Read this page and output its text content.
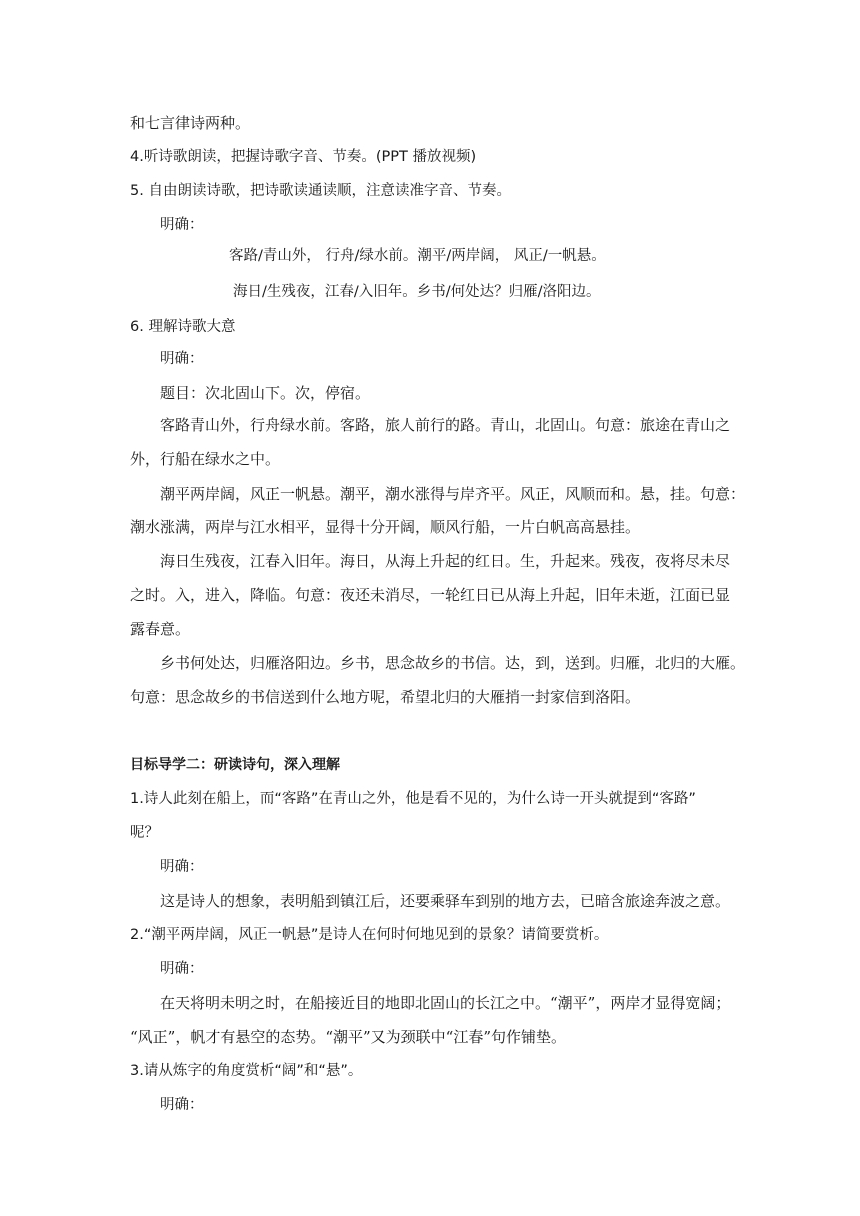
和七言律诗两种。
4.听诗歌朗读，把握诗歌字音、节奏。(PPT 播放视频)
5. 自由朗读诗歌，把诗歌读通读顺，注意读准字音、节奏。
明确：
客路/青山外， 行舟/绿水前。潮平/两岸阔， 风正/一帆悬。
海日/生残夜，江春/入旧年。乡书/何处达？归雁/洛阳边。
6. 理解诗歌大意
明确：
题目：次北固山下。次，停宿。
客路青山外，行舟绿水前。客路，旅人前行的路。青山，北固山。句意：旅途在青山之
外，行船在绿水之中。
潮平两岸阔，风正一帆悬。潮平，潮水涨得与岸齐平。风正，风顺而和。悬，挂。句意：
潮水涨满，两岸与江水相平，显得十分开阔，顺风行船，一片白帆高高悬挂。
海日生残夜，江春入旧年。海日，从海上升起的红日。生，升起来。残夜，夜将尽未尽
之时。入，进入，降临。句意：夜还未消尽，一轮红日已从海上升起，旧年未逝，江面已显
露春意。
乡书何处达，归雁洛阳边。乡书，思念故乡的书信。达，到，送到。归雁，北归的大雁。
句意：思念故乡的书信送到什么地方呢，希望北归的大雁捎一封家信到洛阳。
目标导学二：研读诗句，深入理解
1.诗人此刻在船上，而“客路”在青山之外，他是看不见的，为什么诗一开头就提到“客路”
呢？
明确：
这是诗人的想象，表明船到镇江后，还要乘驿车到别的地方去，已暗含旅途奔波之意。
2.“潮平两岸阔，风正一帆悬”是诗人在何时何地见到的景象？请简要赏析。
明确：
在天将明未明之时，在船接近目的地即北固山的长江之中。“潮平”，两岸才显得宽阔；
“风正”，帆才有悬空的态势。“潮平”又为颈联中“江春”句作铺垫。
3.请从炼字的角度赏析“阔”和“悬”。
明确：
